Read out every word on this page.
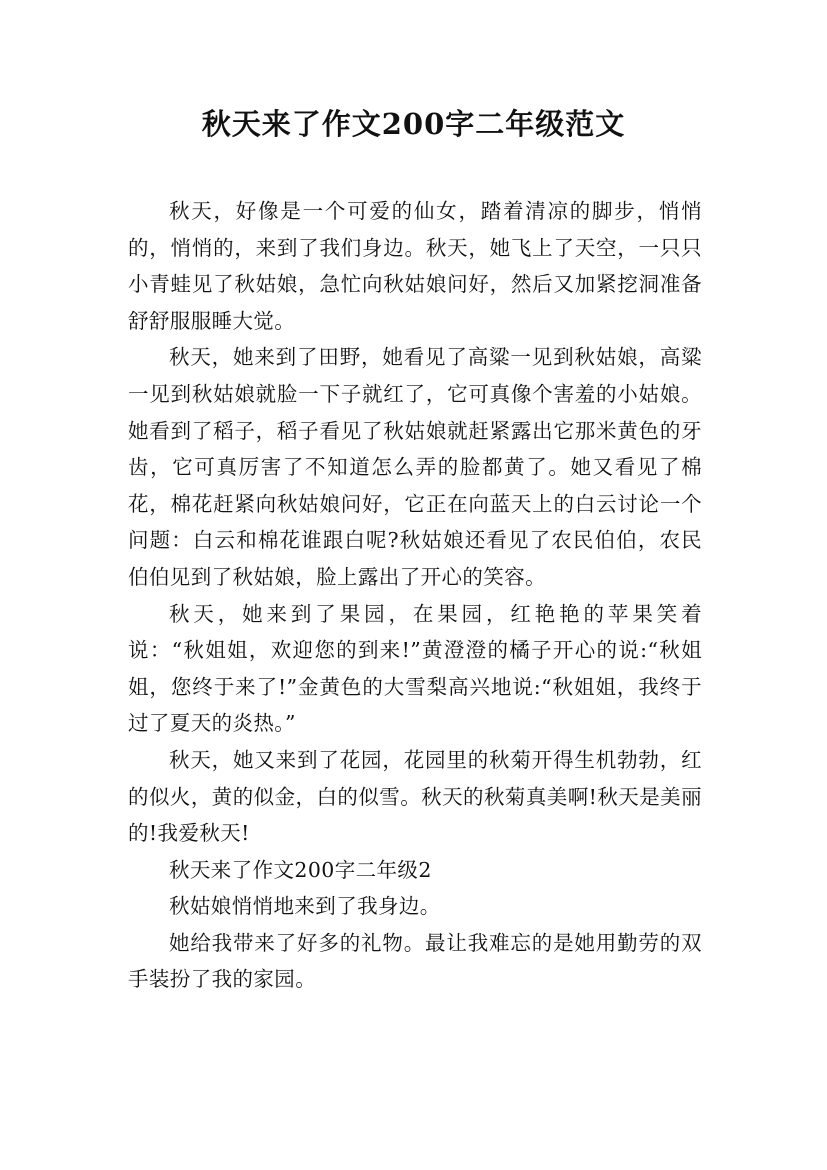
秋天来了作文200字二年级范文

秋天，好像是一个可爱的仙女，踏着清凉的脚步，悄悄的，悄悄的，来到了我们身边。秋天，她飞上了天空，一只只小青蛙见了秋姑娘，急忙向秋姑娘问好，然后又加紧挖洞准备舒舒服服睡大觉。

秋天，她来到了田野，她看见了高粱一见到秋姑娘，高粱一见到秋姑娘就脸一下子就红了，它可真像个害羞的小姑娘。她看到了稻子，稻子看见了秋姑娘就赶紧露出它那米黄色的牙齿，它可真厉害了不知道怎么弄的脸都黄了。她又看见了棉花，棉花赶紧向秋姑娘问好，它正在向蓝天上的白云讨论一个问题：白云和棉花谁跟白呢?秋姑娘还看见了农民伯伯，农民伯伯见到了秋姑娘，脸上露出了开心的笑容。

秋天，她来到了果园，在果园，红艳艳的苹果笑着说：“秋姐姐，欢迎您的到来!”黄澄澄的橘子开心的说:“秋姐姐，您终于来了!”金黄色的大雪梨高兴地说:“秋姐姐，我终于过了夏天的炎热。”

秋天，她又来到了花园，花园里的秋菊开得生机勃勃，红的似火，黄的似金，白的似雪。秋天的秋菊真美啊!秋天是美丽的!我爱秋天!

秋天来了作文200字二年级2

秋姑娘悄悄地来到了我身边。

她给我带来了好多的礼物。最让我难忘的是她用勤劳的双手装扮了我的家园。
